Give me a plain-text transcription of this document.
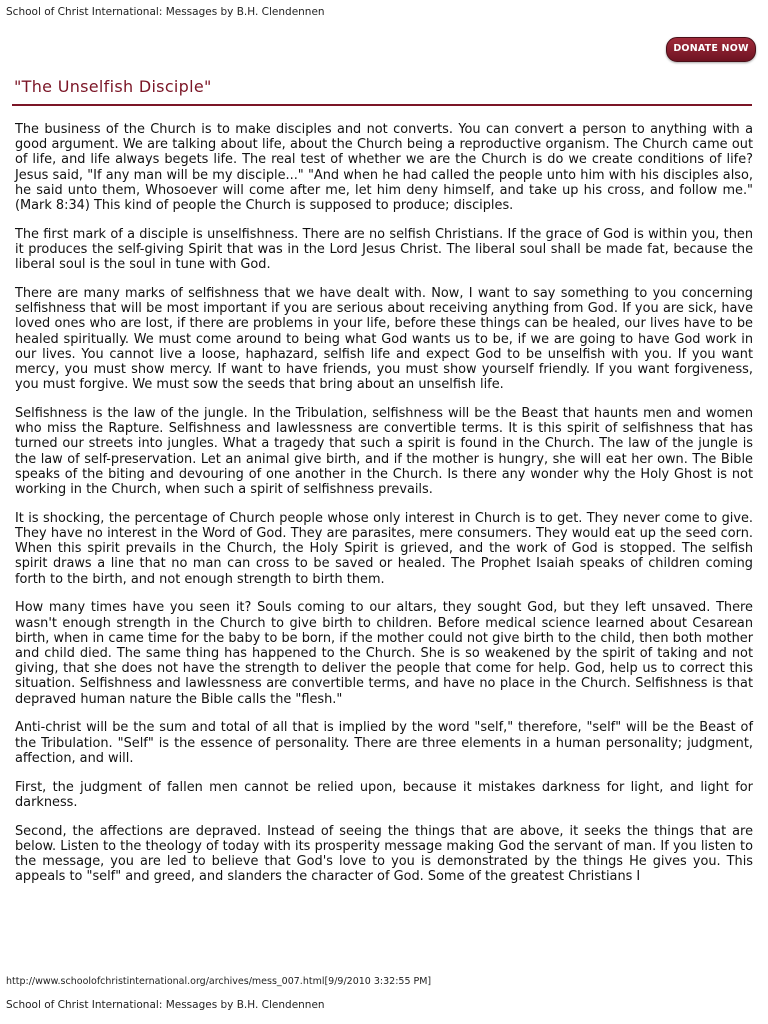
School of Christ International: Messages by B.H. Clendennen
DONATE NOW
"The Unselfish Disciple"

The business of the Church is to make disciples and not converts. You can convert a person to anything with a good argument. We are talking about life, about the Church being a reproductive organism. The Church came out of life, and life always begets life. The real test of whether we are the Church is do we create conditions of life? Jesus said, "If any man will be my disciple..." "And when he had called the people unto him with his disciples also, he said unto them, Whosoever will come after me, let him deny himself, and take up his cross, and follow me." (Mark 8:34) This kind of people the Church is supposed to produce; disciples.

The first mark of a disciple is unselfishness. There are no selfish Christians. If the grace of God is within you, then it produces the self-giving Spirit that was in the Lord Jesus Christ. The liberal soul shall be made fat, because the liberal soul is the soul in tune with God.

There are many marks of selfishness that we have dealt with. Now, I want to say something to you concerning selfishness that will be most important if you are serious about receiving anything from God. If you are sick, have loved ones who are lost, if there are problems in your life, before these things can be healed, our lives have to be healed spiritually. We must come around to being what God wants us to be, if we are going to have God work in our lives. You cannot live a loose, haphazard, selfish life and expect God to be unselfish with you. If you want mercy, you must show mercy. If want to have friends, you must show yourself friendly. If you want forgiveness, you must forgive. We must sow the seeds that bring about an unselfish life.

Selfishness is the law of the jungle. In the Tribulation, selfishness will be the Beast that haunts men and women who miss the Rapture. Selfishness and lawlessness are convertible terms. It is this spirit of selfishness that has turned our streets into jungles. What a tragedy that such a spirit is found in the Church. The law of the jungle is the law of self-preservation. Let an animal give birth, and if the mother is hungry, she will eat her own. The Bible speaks of the biting and devouring of one another in the Church. Is there any wonder why the Holy Ghost is not working in the Church, when such a spirit of selfishness prevails.

It is shocking, the percentage of Church people whose only interest in Church is to get. They never come to give. They have no interest in the Word of God. They are parasites, mere consumers. They would eat up the seed corn. When this spirit prevails in the Church, the Holy Spirit is grieved, and the work of God is stopped. The selfish spirit draws a line that no man can cross to be saved or healed. The Prophet Isaiah speaks of children coming forth to the birth, and not enough strength to birth them.

How many times have you seen it? Souls coming to our altars, they sought God, but they left unsaved. There wasn't enough strength in the Church to give birth to children. Before medical science learned about Cesarean birth, when in came time for the baby to be born, if the mother could not give birth to the child, then both mother and child died. The same thing has happened to the Church. She is so weakened by the spirit of taking and not giving, that she does not have the strength to deliver the people that come for help. God, help us to correct this situation. Selfishness and lawlessness are convertible terms, and have no place in the Church. Selfishness is that depraved human nature the Bible calls the "flesh."

Anti-christ will be the sum and total of all that is implied by the word "self," therefore, "self" will be the Beast of the Tribulation. "Self" is the essence of personality. There are three elements in a human personality; judgment, affection, and will.

First, the judgment of fallen men cannot be relied upon, because it mistakes darkness for light, and light for darkness.

Second, the affections are depraved. Instead of seeing the things that are above, it seeks the things that are below. Listen to the theology of today with its prosperity message making God the servant of man. If you listen to the message, you are led to believe that God's love to you is demonstrated by the things He gives you. This appeals to "self" and greed, and slanders the character of God. Some of the greatest Christians I

http://www.schoolofchristinternational.org/archives/mess_007.html[9/9/2010 3:32:55 PM]
School of Christ International: Messages by B.H. Clendennen
